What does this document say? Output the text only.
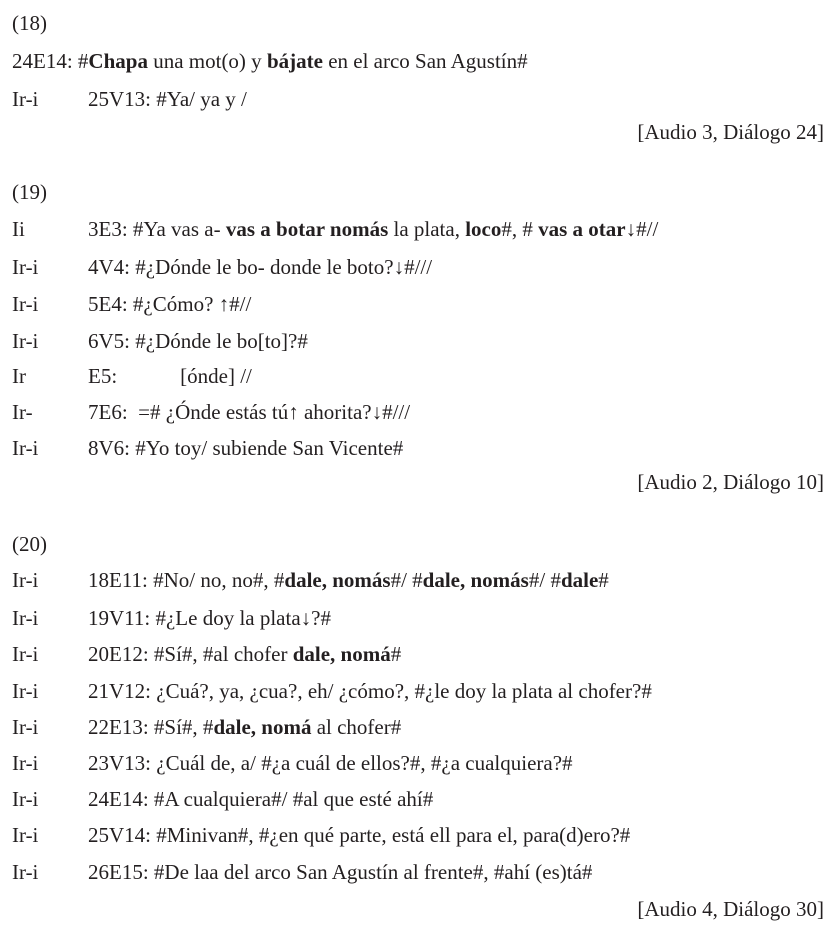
(18)
24E14: #Chapa una mot(o) y bájate en el arco San Agustín#
Ir-i 25V13: #Ya/ ya y /
[Audio 3, Diálogo 24]
(19)
Ii	3E3: #Ya vas a- vas a botar nomás la plata, loco#, # vas a otar↓#//
Ir-i 4V4: #¿Dónde le bo- donde le boto?↓#///
Ir-i 5E4: #¿Cómo? ↑#//
Ir-i 6V5: #¿Dónde le bo[to]?#
Ir	E5:            [ónde] //
Ir-	7E6:  =# ¿Ónde estás tú↑ ahorita?↓#///
Ir-i 8V6: #Yo toy/ subiende San Vicente#
[Audio 2, Diálogo 10]
(20)
Ir-i 18E11: #No/ no, no#, #dale, nomás#/ #dale, nomás#/ #dale#
Ir-i 19V11: #¿Le doy la plata↓?#
Ir-i 20E12: #Sí#, #al chofer dale, nomá#
Ir-i 21V12: ¿Cuá?, ya, ¿cua?, eh/ ¿cómo?, #¿le doy la plata al chofer?#
Ir-i 22E13: #Sí#, #dale, nomá al chofer#
Ir-i 23V13: ¿Cuál de, a/ #¿a cuál de ellos?#, #¿a cualquiera?#
Ir-i 24E14: #A cualquiera#/ #al que esté ahí#
Ir-i 25V14: #Minivan#, #¿en qué parte, está ell para el, para(d)ero?#
Ir-i 26E15: #De laa del arco San Agustín al frente#, #ahí (es)tá#
[Audio 4, Diálogo 30]
